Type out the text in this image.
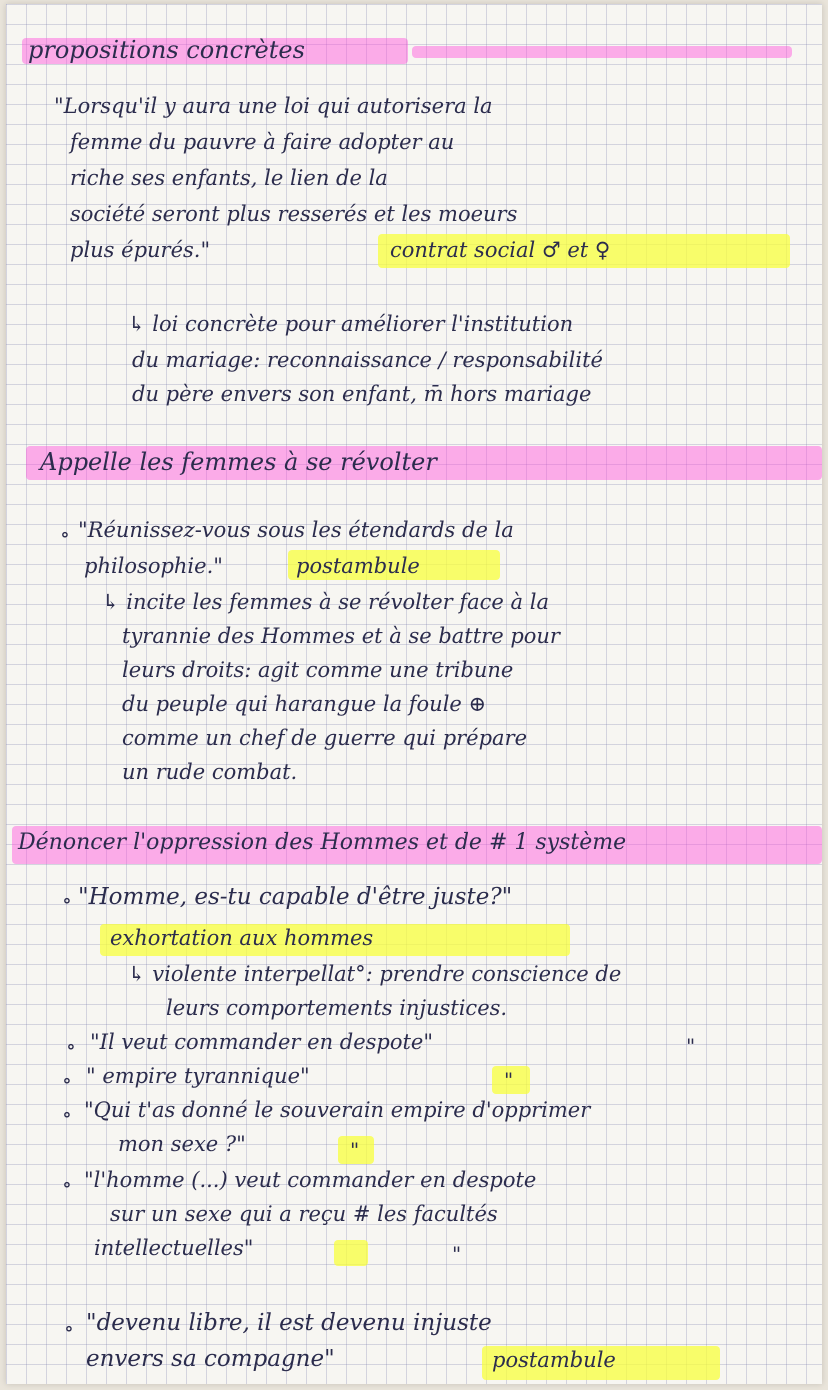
propositions concrètes
"Lorsqu'il y aura une loi qui autorisera la
femme du pauvre à faire adopter au
riche ses enfants, le lien de la
société seront plus resserés et les moeurs
plus épurés."	contrat social ♂ et ♀
↳ loi concrète pour améliorer l'institution
du mariage: reconnaissance / responsabilité
du père envers son enfant, m̄ hors mariage
Appelle les femmes à se révolter
∘ "Réunissez-vous sous les étendards de la
philosophie."	postambule
↳ incite les femmes à se révolter face à la
tyrannie des Hommes et à se battre pour
leurs droits: agit comme une tribune
du peuple qui harangue la foule ⊕
comme un chef de guerre qui prépare
un rude combat.
Dénoncer l'oppression des Hommes et de # 1 système
∘ "Homme, es-tu capable d'être juste?"
exhortation aux hommes
↳ violente interpellat°: prendre conscience de
leurs comportements injustices.
∘ "Il veut commander en despote"	"
∘ " empire tyrannique"	"
∘ "Qui t'as donné le souverain empire d'opprimer
mon sexe ?"	"
∘ "l'homme (...) veut commander en despote
sur un sexe qui a reçu # les facultés
intellectuelles"	"
∘ "devenu libre, il est devenu injuste
envers sa compagne"	postambule
